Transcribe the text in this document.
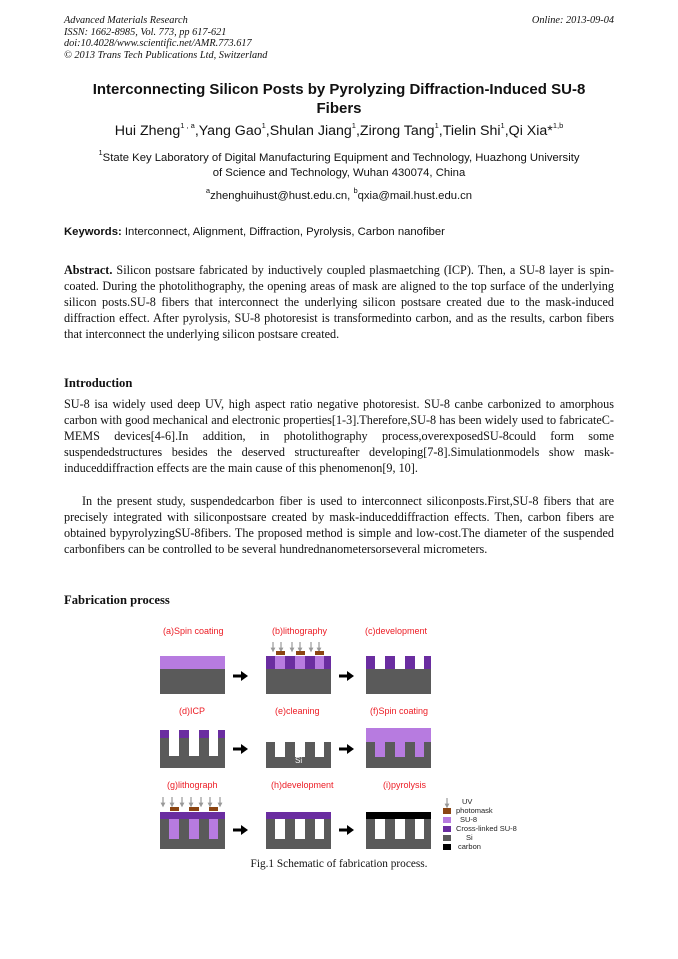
Advanced Materials Research
ISSN: 1662-8985, Vol. 773, pp 617-621
doi:10.4028/www.scientific.net/AMR.773.617
© 2013 Trans Tech Publications Ltd, Switzerland
Online: 2013-09-04
Interconnecting Silicon Posts by Pyrolyzing Diffraction-Induced SU-8
Fibers
Hui Zheng$^{1 , a}$,Yang Gao$^1$,Shulan Jiang$^1$,Zirong Tang$^1$,Tielin Shi$^1$,Qi Xia*$^{1,b}$
$^1$State Key Laboratory of Digital Manufacturing Equipment and Technology, Huazhong University
of Science and Technology, Wuhan 430074, China
$^a$zhenghuihust@hust.edu.cn, $^b$qxia@mail.hust.edu.cn
Keywords: Interconnect, Alignment, Diffraction, Pyrolysis, Carbon nanofiber
Abstract. Silicon postsare fabricated by inductively coupled plasmaetching (ICP). Then, a SU-8 layer is spin-coated. During the photolithography, the opening areas of mask are aligned to the top surface of the underlying silicon posts.SU-8 fibers that interconnect the underlying silicon postsare created due to the mask-induced diffraction effect. After pyrolysis, SU-8 photoresist is transformedinto carbon, and as the results, carbon fibers that interconnect the underlying silicon postsare created.
Introduction
SU-8 isa widely used deep UV, high aspect ratio negative photoresist. SU-8 canbe carbonized to amorphous carbon with good mechanical and electronic properties[1-3].Therefore,SU-8 has been widely used to fabricateC-MEMS devices[4-6].In addition, in photolithography process,overexposedSU-8could form some suspendedstructures besides the deserved structureafter developing[7-8].Simulationmodels show mask-induceddiffraction effects are the main cause of this phenomenon[9, 10].
In the present study, suspendedcarbon fiber is used to interconnect siliconposts.First,SU-8 fibers that are precisely integrated with siliconpostsare created by mask-induceddiffraction effects. Then, carbon fibers are obtained bypyrolyzingSU-8fibers. The proposed method is simple and low-cost.The diameter of the suspended carbonfibers can be controlled to be several hundrednanometersorseveral micrometers.
Fabrication process
(a)Spin coating	(b)lithography	(c)development
(d)ICP	(e)cleaning	(f)Spin coating
(g)lithograph	(h)development	(i)pyrolysis
UV
photomask
SU-8
Cross-linked SU-8
Si
carbon
Si
Fig.1 Schematic of fabrication process.
